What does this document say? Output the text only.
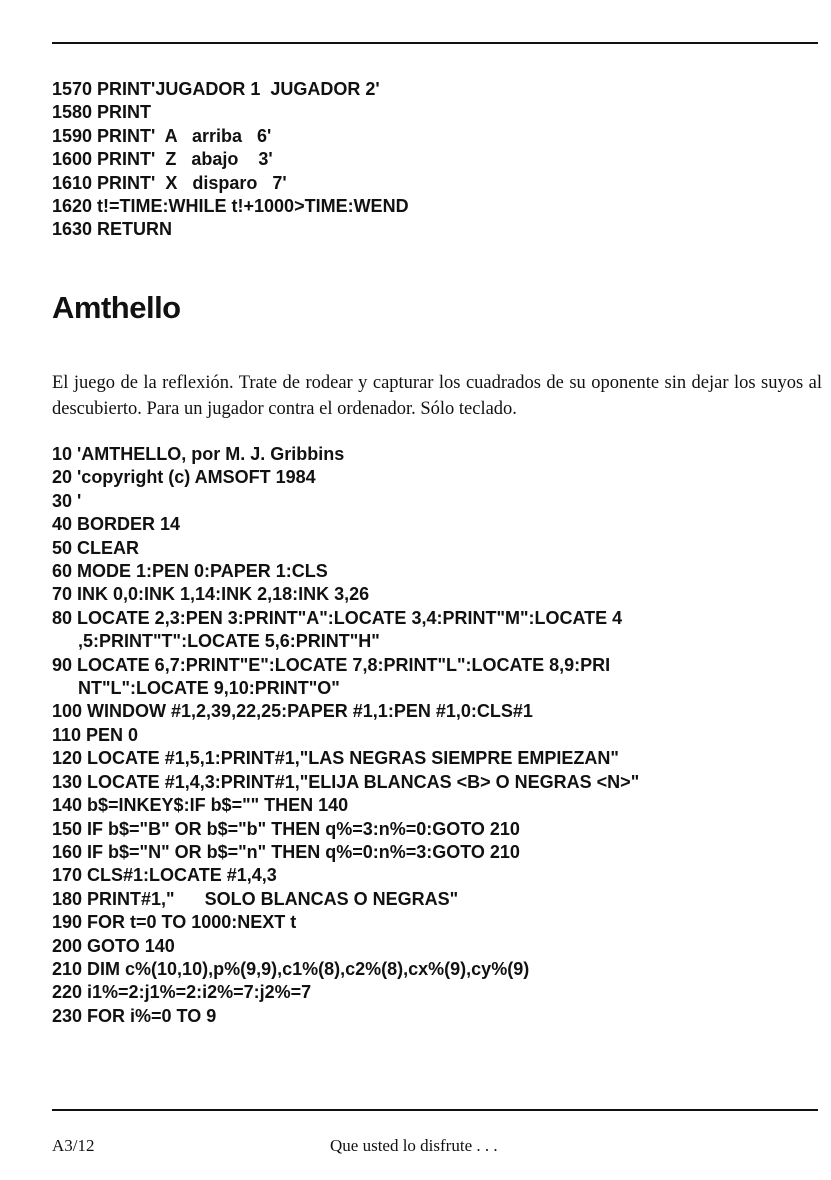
1570 PRINT'JUGADOR 1  JUGADOR 2'
1580 PRINT
1590 PRINT'  A   arriba   6'
1600 PRINT'  Z   abajo    3'
1610 PRINT'  X   disparo   7'
1620 t!=TIME:WHILE t!+1000>TIME:WEND
1630 RETURN
Amthello

El juego de la reflexión. Trate de rodear y capturar los cuadrados de su oponente sin dejar los suyos al descubierto. Para un jugador contra el ordenador. Sólo teclado.

10 'AMTHELLO, por M. J. Gribbins
20 'copyright (c) AMSOFT 1984
30 '
40 BORDER 14
50 CLEAR
60 MODE 1:PEN 0:PAPER 1:CLS
70 INK 0,0:INK 1,14:INK 2,18:INK 3,26
80 LOCATE 2,3:PEN 3:PRINT"A":LOCATE 3,4:PRINT"M":LOCATE 4
,5:PRINT"T":LOCATE 5,6:PRINT"H"
90 LOCATE 6,7:PRINT"E":LOCATE 7,8:PRINT"L":LOCATE 8,9:PRI
NT"L":LOCATE 9,10:PRINT"O"
100 WINDOW #1,2,39,22,25:PAPER #1,1:PEN #1,0:CLS#1
110 PEN 0
120 LOCATE #1,5,1:PRINT#1,"LAS NEGRAS SIEMPRE EMPIEZAN"
130 LOCATE #1,4,3:PRINT#1,"ELIJA BLANCAS <B> O NEGRAS <N>"
140 b$=INKEY$:IF b$="" THEN 140
150 IF b$="B" OR b$="b" THEN q%=3:n%=0:GOTO 210
160 IF b$="N" OR b$="n" THEN q%=0:n%=3:GOTO 210
170 CLS#1:LOCATE #1,4,3
180 PRINT#1,"      SOLO BLANCAS O NEGRAS"
190 FOR t=0 TO 1000:NEXT t
200 GOTO 140
210 DIM c%(10,10),p%(9,9),c1%(8),c2%(8),cx%(9),cy%(9)
220 i1%=2:j1%=2:i2%=7:j2%=7
230 FOR i%=0 TO 9
A3/12	Que usted lo disfrute . . .
